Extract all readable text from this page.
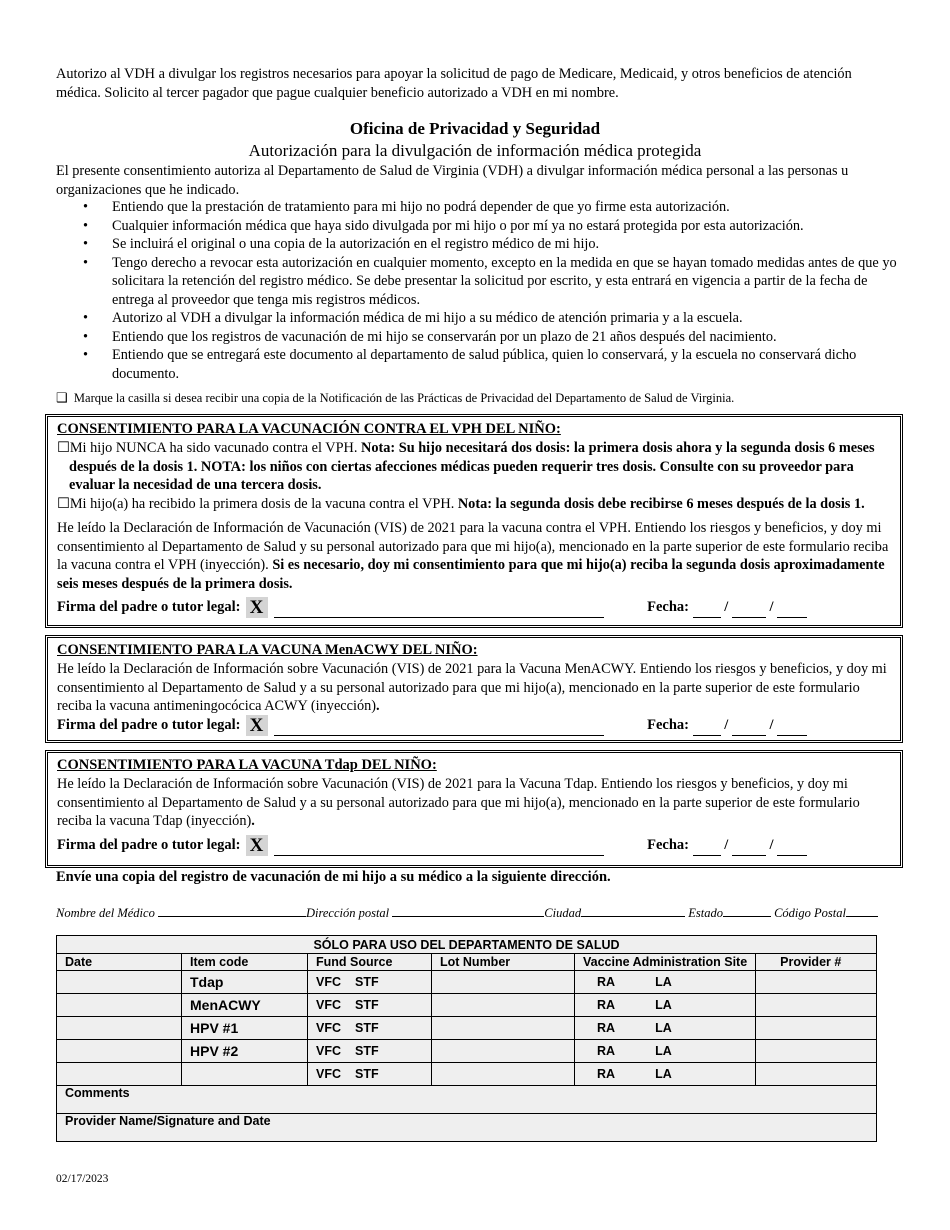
Autorizo al VDH a divulgar los registros necesarios para apoyar la solicitud de pago de Medicare, Medicaid, y otros beneficios de atención médica. Solicito al tercer pagador que pague cualquier beneficio autorizado a VDH en mi nombre.
Oficina de Privacidad y Seguridad
Autorización para la divulgación de información médica protegida
El presente consentimiento autoriza al Departamento de Salud de Virginia (VDH) a divulgar información médica personal a las personas u organizaciones que he indicado.
• Entiendo que la prestación de tratamiento para mi hijo no podrá depender de que yo firme esta autorización.
• Cualquier información médica que haya sido divulgada por mi hijo o por mí ya no estará protegida por esta autorización.
• Se incluirá el original o una copia de la autorización en el registro médico de mi hijo.
• Tengo derecho a revocar esta autorización en cualquier momento, excepto en la medida en que se hayan tomado medidas antes de que yo solicitara la retención del registro médico. Se debe presentar la solicitud por escrito, y esta entrará en vigencia a partir de la fecha de entrega al proveedor que tenga mis registros médicos.
• Autorizo al VDH a divulgar la información médica de mi hijo a su médico de atención primaria y a la escuela.
• Entiendo que los registros de vacunación de mi hijo se conservarán por un plazo de 21 años después del nacimiento.
• Entiendo que se entregará este documento al departamento de salud pública, quien lo conservará, y la escuela no conservará dicho documento.
❑ Marque la casilla si desea recibir una copia de la Notificación de las Prácticas de Privacidad del Departamento de Salud de Virginia.
CONSENTIMIENTO PARA LA VACUNACIÓN CONTRA EL VPH DEL NIÑO:
☐Mi hijo NUNCA ha sido vacunado contra el VPH. Nota: Su hijo necesitará dos dosis: la primera dosis ahora y la segunda dosis 6 meses después de la dosis 1. NOTA: los niños con ciertas afecciones médicas pueden requerir tres dosis. Consulte con su proveedor para evaluar la necesidad de una tercera dosis.
☐Mi hijo(a) ha recibido la primera dosis de la vacuna contra el VPH. Nota: la segunda dosis debe recibirse 6 meses después de la dosis 1.
He leído la Declaración de Información de Vacunación (VIS) de 2021 para la vacuna contra el VPH. Entiendo los riesgos y beneficios, y doy mi consentimiento al Departamento de Salud y su personal autorizado para que mi hijo(a), mencionado en la parte superior de este formulario reciba la vacuna contra el VPH (inyección). Si es necesario, doy mi consentimiento para que mi hijo(a) reciba la segunda dosis aproximadamente seis meses después de la primera dosis.
Firma del padre o tutor legal: X	Fecha:  /  /
CONSENTIMIENTO PARA LA VACUNA MenACWY DEL NIÑO:
He leído la Declaración de Información sobre Vacunación (VIS) de 2021 para la Vacuna MenACWY. Entiendo los riesgos y beneficios, y doy mi consentimiento al Departamento de Salud y a su personal autorizado para que mi hijo(a), mencionado en la parte superior de este formulario reciba la vacuna antimeningocócica ACWY (inyección).
Firma del padre o tutor legal: X	Fecha:  /  /
CONSENTIMIENTO PARA LA VACUNA Tdap DEL NIÑO:
He leído la Declaración de Información sobre Vacunación (VIS) de 2021 para la Vacuna Tdap. Entiendo los riesgos y beneficios, y doy mi consentimiento al Departamento de Salud y a su personal autorizado para que mi hijo(a), mencionado en la parte superior de este formulario reciba la vacuna Tdap (inyección).
Firma del padre o tutor legal: X	Fecha:  /  /
Envíe una copia del registro de vacunación de mi hijo a su médico a la siguiente dirección.
Nombre del Médico	Dirección postal	Ciudad	Estado	Código Postal
SÓLO PARA USO DEL DEPARTAMENTO DE SALUD					
Date	Item code	Fund Source	Lot Number	Vaccine Administration Site	Provider #
	Tdap	VFC STF		RA LA	
	MenACWY	VFC STF		RA LA	
	HPV #1	VFC STF		RA LA	
	HPV #2	VFC STF		RA LA	
		VFC STF		RA LA	
Comments					
Provider Name/Signature and Date					
02/17/2023
